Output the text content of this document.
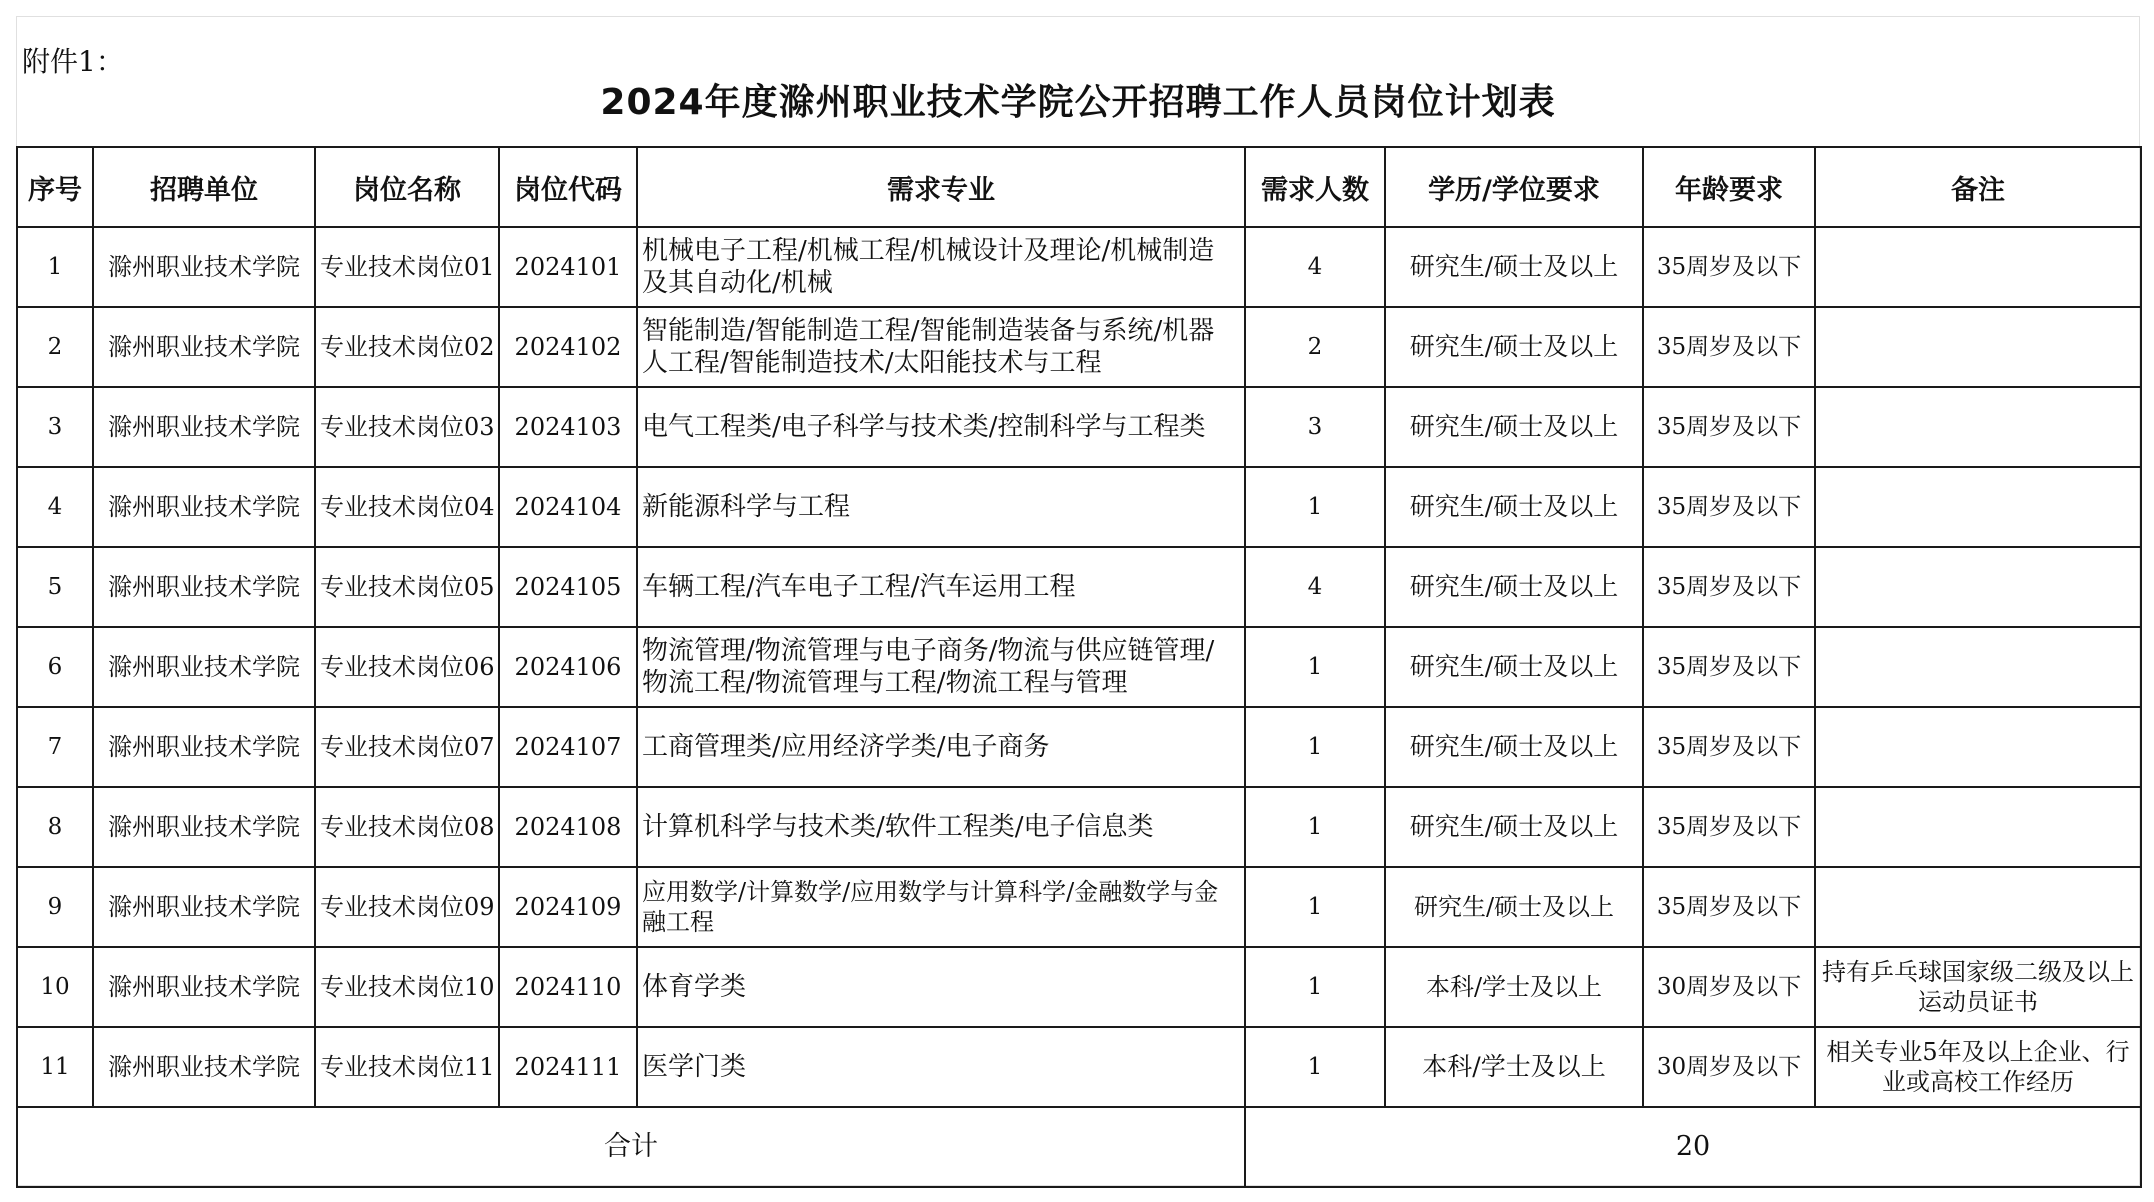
附件1：
2024年度滁州职业技术学院公开招聘工作人员岗位计划表
序号	招聘单位	岗位名称	岗位代码	需求专业	需求人数	学历/学位要求	年龄要求	备注
1	滁州职业技术学院	专业技术岗位01	2024101	机械电子工程/机械工程/机械设计及理论/机械制造及其自动化/机械	4	研究生/硕士及以上	35周岁及以下	
2	滁州职业技术学院	专业技术岗位02	2024102	智能制造/智能制造工程/智能制造装备与系统/机器人工程/智能制造技术/太阳能技术与工程	2	研究生/硕士及以上	35周岁及以下	
3	滁州职业技术学院	专业技术岗位03	2024103	电气工程类/电子科学与技术类/控制科学与工程类	3	研究生/硕士及以上	35周岁及以下	
4	滁州职业技术学院	专业技术岗位04	2024104	新能源科学与工程	1	研究生/硕士及以上	35周岁及以下	
5	滁州职业技术学院	专业技术岗位05	2024105	车辆工程/汽车电子工程/汽车运用工程	4	研究生/硕士及以上	35周岁及以下	
6	滁州职业技术学院	专业技术岗位06	2024106	物流管理/物流管理与电子商务/物流与供应链管理/物流工程/物流管理与工程/物流工程与管理	1	研究生/硕士及以上	35周岁及以下	
7	滁州职业技术学院	专业技术岗位07	2024107	工商管理类/应用经济学类/电子商务	1	研究生/硕士及以上	35周岁及以下	
8	滁州职业技术学院	专业技术岗位08	2024108	计算机科学与技术类/软件工程类/电子信息类	1	研究生/硕士及以上	35周岁及以下	
9	滁州职业技术学院	专业技术岗位09	2024109	应用数学/计算数学/应用数学与计算科学/金融数学与金融工程	1	研究生/硕士及以上	35周岁及以下	
10	滁州职业技术学院	专业技术岗位10	2024110	体育学类	1	本科/学士及以上	30周岁及以下	持有乒乓球国家级二级及以上运动员证书
11	滁州职业技术学院	专业技术岗位11	2024111	医学门类	1	本科/学士及以上	30周岁及以下	相关专业5年及以上企业、行业或高校工作经历
合计					20			
